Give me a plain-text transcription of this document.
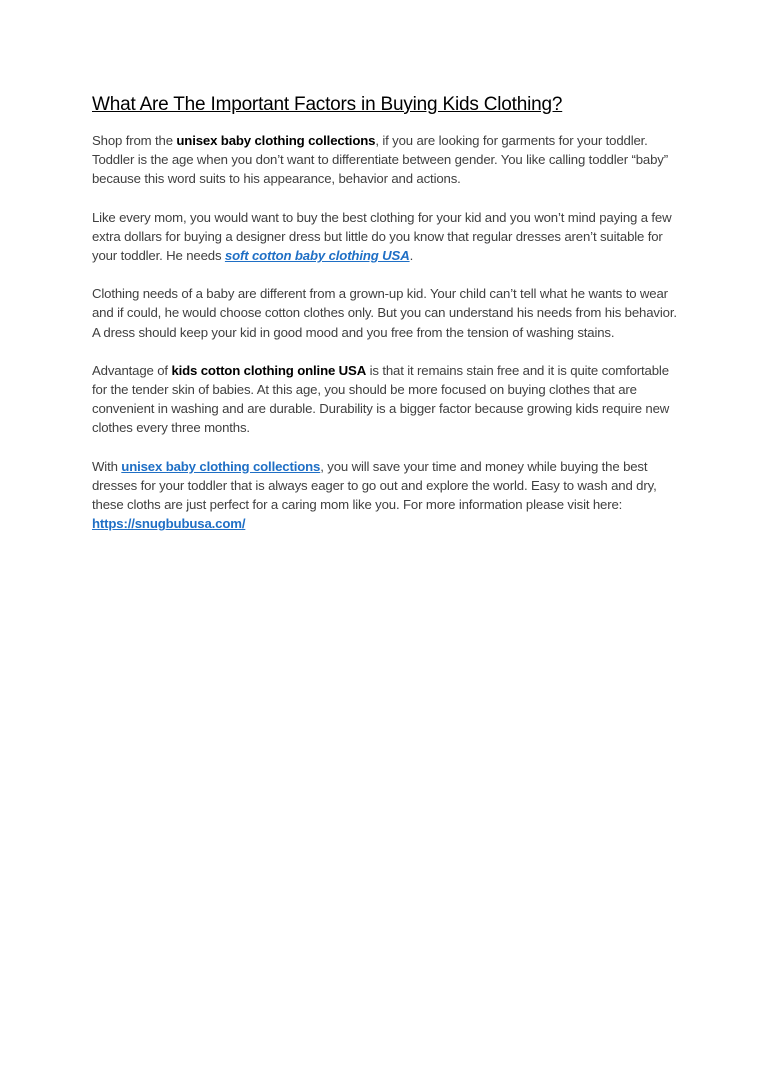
What Are The Important Factors in Buying Kids Clothing?

Shop from the unisex baby clothing collections, if you are looking for garments for your toddler. Toddler is the age when you don’t want to differentiate between gender. You like calling toddler “baby” because this word suits to his appearance, behavior and actions.

Like every mom, you would want to buy the best clothing for your kid and you won’t mind paying a few extra dollars for buying a designer dress but little do you know that regular dresses aren’t suitable for your toddler. He needs soft cotton baby clothing USA.

Clothing needs of a baby are different from a grown-up kid. Your child can’t tell what he wants to wear and if could, he would choose cotton clothes only. But you can understand his needs from his behavior. A dress should keep your kid in good mood and you free from the tension of washing stains.

Advantage of kids cotton clothing online USA is that it remains stain free and it is quite comfortable for the tender skin of babies. At this age, you should be more focused on buying clothes that are convenient in washing and are durable. Durability is a bigger factor because growing kids require new clothes every three months.

With unisex baby clothing collections, you will save your time and money while buying the best dresses for your toddler that is always eager to go out and explore the world. Easy to wash and dry, these cloths are just perfect for a caring mom like you. For more information please visit here: https://snugbubusa.com/
